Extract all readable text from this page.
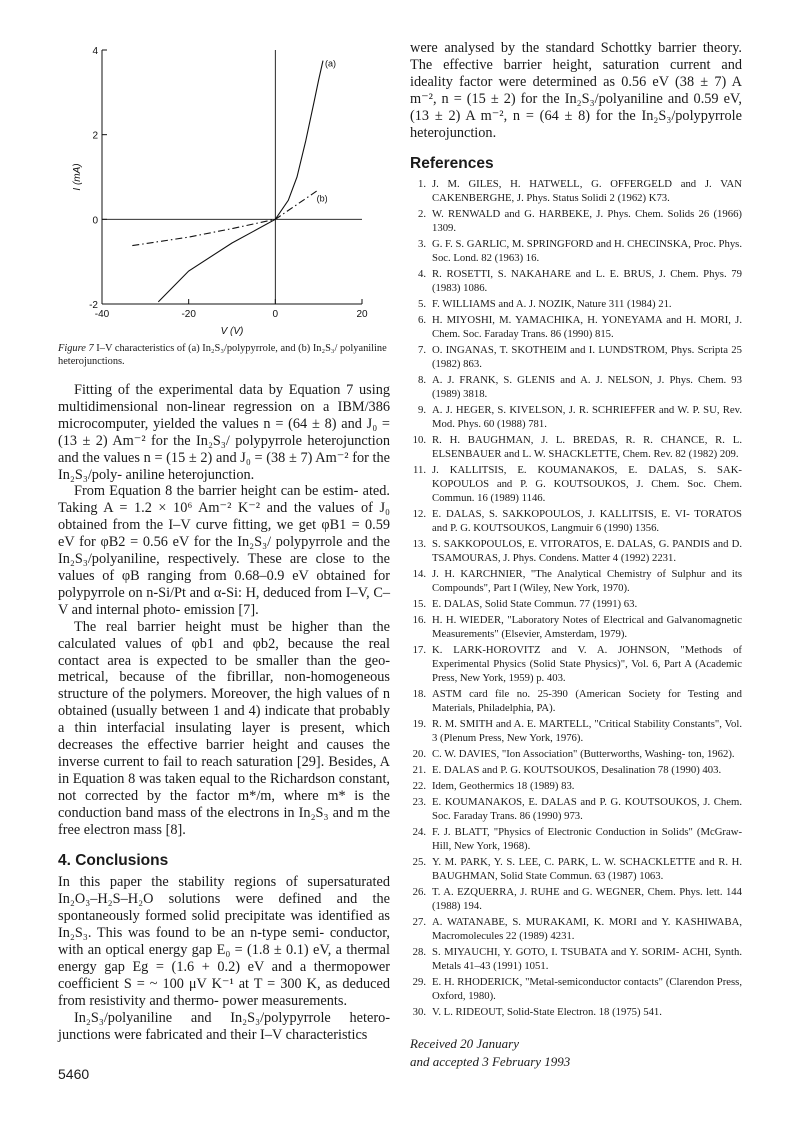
-40	-20	0	20
-2
0
2
4
V (V)
I (mA)
(a)
(b)
Figure 7 I–V characteristics of (a) In₂S₃/polypyrrole, and (b) In₂S₃/ polyaniline heterojunctions.

Fitting of the experimental data by Equation 7 using multidimensional non-linear regression on a IBM/386 microcomputer, yielded the values n = (64 ± 8) and J₀ = (13 ± 2) Am⁻² for the In₂S₃/ polypyrrole heterojunction and the values n = (15 ± 2) and J₀ = (38 ± 7) Am⁻² for the In₂S₃/poly- aniline heterojunction.

From Equation 8 the barrier height can be estim- ated. Taking A = 1.2 × 10⁶ Am⁻² K⁻² and the values of J₀ obtained from the I–V curve fitting, we get φB1 = 0.59 eV for φB2 = 0.56 eV for the In₂S₃/ polypyrrole and the In₂S₃/polyaniline, respectively. These are close to the values of φB ranging from 0.68–0.9 eV obtained for polypyrrole on n-Si/Pt and α-Si: H, deduced from I–V, C–V and internal photo- emission [7].

The real barrier height must be higher than the calculated values of φb1 and φb2, because the real contact area is expected to be smaller than the geo- metrical, because of the fibrillar, non-homogeneous structure of the polymers. Moreover, the high values of n obtained (usually between 1 and 4) indicate that probably a thin interfacial insulating layer is present, which decreases the effective barrier height and causes the inverse current to fail to reach saturation [29]. Besides, A in Equation 8 was taken equal to the Richardson constant, not corrected by the factor m*/m, where m* is the conduction band mass of the electrons in In₂S₃ and m the free electron mass [8].

4. Conclusions

In this paper the stability regions of supersaturated In₂O₃–H₂S–H₂O solutions were defined and the spontaneously formed solid precipitate was identified as In₂S₃. This was found to be an n-type semi- conductor, with an optical energy gap E₀ = (1.8 ± 0.1) eV, a thermal energy gap Eg = (1.6 + 0.2) eV and a thermopower coefficient S = ~ 100 μV K⁻¹ at T = 300 K, as deduced from resistivity and thermo- power measurements.

In₂S₃/polyaniline and In₂S₃/polypyrrole hetero- junctions were fabricated and their I–V characteristics

were analysed by the standard Schottky barrier theory. The effective barrier height, saturation current and ideality factor were determined as 0.56 eV (38 ± 7) A m⁻², n = (15 ± 2) for the In₂S₃/polyaniline and 0.59 eV, (13 ± 2) A m⁻², n = (64 ± 8) for the In₂S₃/polypyrrole heterojunction.

References
1. J. M. GILES, H. HATWELL, G. OFFERGELD and J. VAN CAKENBERGHE, J. Phys. Status Solidi 2 (1962) K73.
2. W. RENWALD and G. HARBEKE, J. Phys. Chem. Solids 26 (1966) 1309.
3. G. F. S. GARLIC, M. SPRINGFORD and H. CHECINSKA, Proc. Phys. Soc. Lond. 82 (1963) 16.
4. R. ROSETTI, S. NAKAHARE and L. E. BRUS, J. Chem. Phys. 79 (1983) 1086.
5. F. WILLIAMS and A. J. NOZIK, Nature 311 (1984) 21.
6. H. MIYOSHI, M. YAMACHIKA, H. YONEYAMA and H. MORI, J. Chem. Soc. Faraday Trans. 86 (1990) 815.
7. O. INGANAS, T. SKOTHEIM and I. LUNDSTROM, Phys. Scripta 25 (1982) 863.
8. A. J. FRANK, S. GLENIS and A. J. NELSON, J. Phys. Chem. 93 (1989) 3818.
9. A. J. HEGER, S. KIVELSON, J. R. SCHRIEFFER and W. P. SU, Rev. Mod. Phys. 60 (1988) 781.
10. R. H. BAUGHMAN, J. L. BREDAS, R. R. CHANCE, R. L. ELSENBAUER and L. W. SHACKLETTE, Chem. Rev. 82 (1982) 209.
11. J. KALLITSIS, E. KOUMANAKOS, E. DALAS, S. SAK- KOPOULOS and P. G. KOUTSOUKOS, J. Chem. Soc. Chem. Commun. 16 (1989) 1146.
12. E. DALAS, S. SAKKOPOULOS, J. KALLITSIS, E. VI- TORATOS and P. G. KOUTSOUKOS, Langmuir 6 (1990) 1356.
13. S. SAKKOPOULOS, E. VITORATOS, E. DALAS, G. PANDIS and D. TSAMOURAS, J. Phys. Condens. Matter 4 (1992) 2231.
14. J. H. KARCHNIER, "The Analytical Chemistry of Sulphur and its Compounds", Part I (Wiley, New York, 1970).
15. E. DALAS, Solid State Commun. 77 (1991) 63.
16. H. H. WIEDER, "Laboratory Notes of Electrical and Galvanomagnetic Measurements" (Elsevier, Amsterdam, 1979).
17. K. LARK-HOROVITZ and V. A. JOHNSON, "Methods of Experimental Physics (Solid State Physics)", Vol. 6, Part A (Academic Press, New York, 1959) p. 403.
18. ASTM card file no. 25-390 (American Society for Testing and Materials, Philadelphia, PA).
19. R. M. SMITH and A. E. MARTELL, "Critical Stability Constants", Vol. 3 (Plenum Press, New York, 1976).
20. C. W. DAVIES, "Ion Association" (Butterworths, Washing- ton, 1962).
21. E. DALAS and P. G. KOUTSOUKOS, Desalination 78 (1990) 403.
22. Idem, Geothermics 18 (1989) 83.
23. E. KOUMANAKOS, E. DALAS and P. G. KOUTSOUKOS, J. Chem. Soc. Faraday Trans. 86 (1990) 973.
24. F. J. BLATT, "Physics of Electronic Conduction in Solids" (McGraw-Hill, New York, 1968).
25. Y. M. PARK, Y. S. LEE, C. PARK, L. W. SCHACKLETTE and R. H. BAUGHMAN, Solid State Commun. 63 (1987) 1063.
26. T. A. EZQUERRA, J. RUHE and G. WEGNER, Chem. Phys. lett. 144 (1988) 194.
27. A. WATANABE, S. MURAKAMI, K. MORI and Y. KASHIWABA, Macromolecules 22 (1989) 4231.
28. S. MIYAUCHI, Y. GOTO, I. TSUBATA and Y. SORIM- ACHI, Synth. Metals 41–43 (1991) 1051.
29. E. H. RHODERICK, "Metal-semiconductor contacts" (Clarendon Press, Oxford, 1980).
30. V. L. RIDEOUT, Solid-State Electron. 18 (1975) 541.
Received 20 January
and accepted 3 February 1993
5460
